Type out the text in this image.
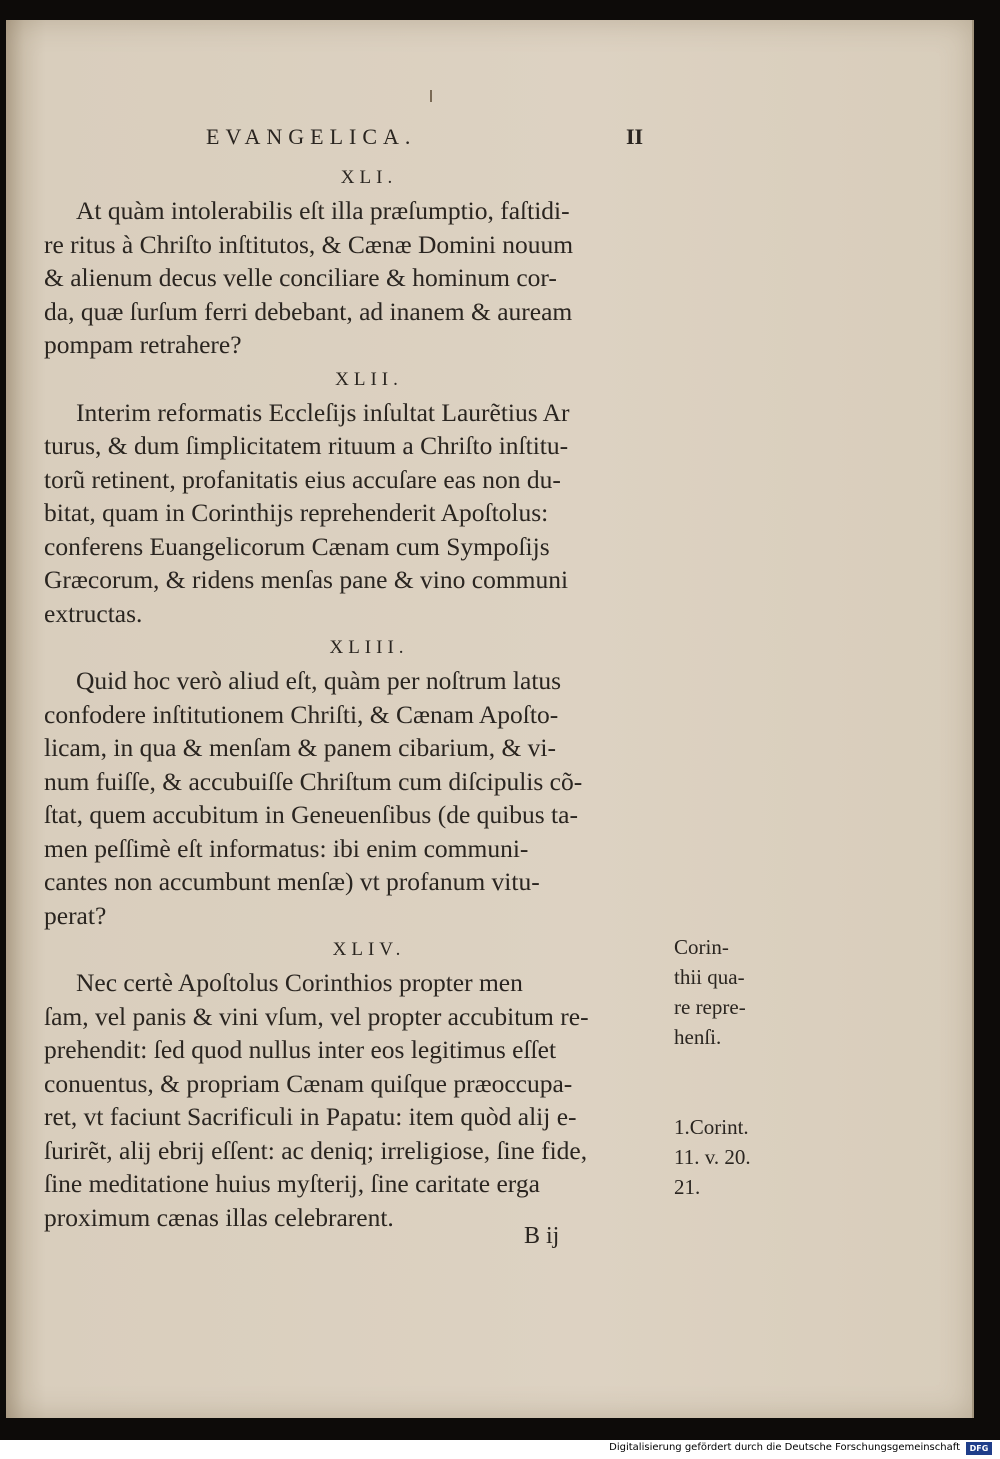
EVANGELICA.	II
XLI.

At quàm intolerabilis eſt illa præſumptio, faſtidi-
re ritus à Chriſto inſtitutos, & Cænæ Domini nouum
& alienum decus velle conciliare & hominum cor-
da, quæ ſurſum ferri debebant, ad inanem & auream
pompam retrahere?

XLII.

Interim reformatis Eccleſijs inſultat Laurẽtius Ar
turus, & dum ſimplicitatem rituum a Chriſto inſtitu-
torũ retinent, profanitatis eius accuſare eas non du-
bitat, quam in Corinthijs reprehenderit Apoſtolus:
conferens Euangelicorum Cænam cum Sympoſijs
Græcorum, & ridens menſas pane & vino communi
extructas.

XLIII.

Quid hoc verò aliud eſt, quàm per noſtrum latus
confodere inſtitutionem Chriſti, & Cænam Apoſto-
licam, in qua & menſam & panem cibarium, & vi-
num fuiſſe, & accubuiſſe Chriſtum cum diſcipulis cõ-
ſtat, quem accubitum in Geneuenſibus (de quibus ta-
men peſſimè eſt informatus: ibi enim communi-
cantes non accumbunt menſæ) vt profanum vitu-
perat?

XLIV.

Nec certè Apoſtolus Corinthios propter men
ſam, vel panis & vini vſum, vel propter accubitum re-
prehendit: ſed quod nullus inter eos legitimus eſſet
conuentus, & propriam Cænam quiſque præoccupa-
ret, vt faciunt Sacrificuli in Papatu: item quòd alij e-
ſurirẽt, alij ebrij eſſent: ac deniq; irreligiose, ſine fide,
ſine meditatione huius myſterij, ſine caritate erga
proximum cænas illas celebrarent.

Corin-
thii qua-
re repre-
henſi.
1.Corint.
11. v. 20.
21.
B ij
Digitalisierung gefördert durch die Deutsche Forschungsgemeinschaft	DFG
